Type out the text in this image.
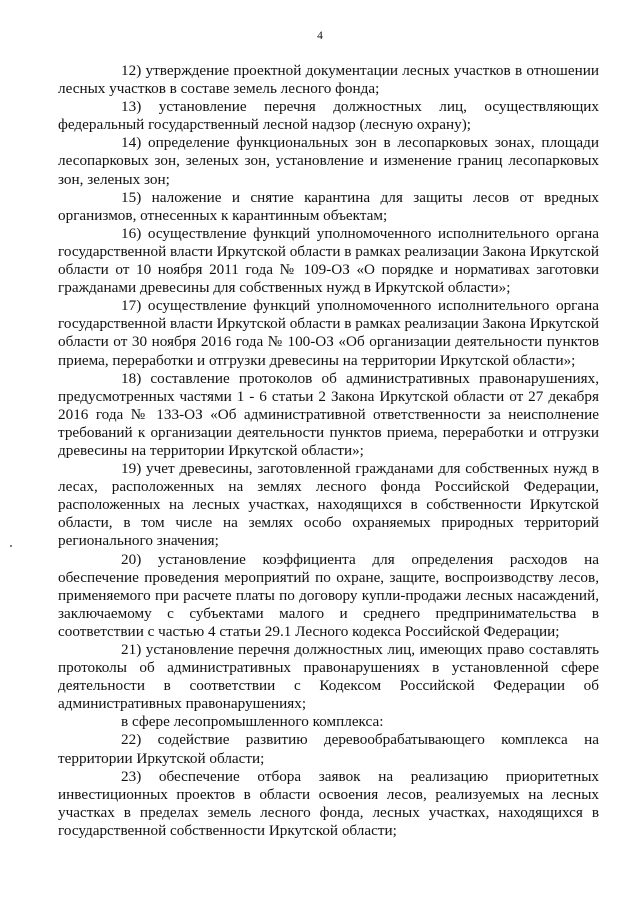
4

12) утверждение проектной документации лесных участков в отношении лесных участков в составе земель лесного фонда;

13) установление перечня должностных лиц, осуществляющих федеральный государственный лесной надзор (лесную охрану);

14) определение функциональных зон в лесопарковых зонах, площади лесопарковых зон, зеленых зон, установление и изменение границ лесопарковых зон, зеленых зон;

15) наложение и снятие карантина для защиты лесов от вредных организмов, отнесенных к карантинным объектам;

16) осуществление функций уполномоченного исполнительного органа государственной власти Иркутской области в рамках реализации Закона Иркутской области от 10 ноября 2011 года № 109-ОЗ «О порядке и нормативах заготовки гражданами древесины для собственных нужд в Иркутской области»;

17) осуществление функций уполномоченного исполнительного органа государственной власти Иркутской области в рамках реализации Закона Иркутской области от 30 ноября 2016 года № 100-ОЗ «Об организации деятельности пунктов приема, переработки и отгрузки древесины на территории Иркутской области»;

18) составление протоколов об административных правонарушениях, предусмотренных частями 1 - 6 статьи 2 Закона Иркутской области от 27 декабря 2016 года № 133-ОЗ «Об административной ответственности за неисполнение требований к организации деятельности пунктов приема, переработки и отгрузки древесины на территории Иркутской области»;

19) учет древесины, заготовленной гражданами для собственных нужд в лесах, расположенных на землях лесного фонда Российской Федерации, расположенных на лесных участках, находящихся в собственности Иркутской области, в том числе на землях особо охраняемых природных территорий регионального значения;

20) установление коэффициента для определения расходов на обеспечение проведения мероприятий по охране, защите, воспроизводству лесов, применяемого при расчете платы по договору купли-продажи лесных насаждений, заключаемому с субъектами малого и среднего предпринимательства в соответствии с частью 4 статьи 29.1 Лесного кодекса Российской Федерации;

21) установление перечня должностных лиц, имеющих право составлять протоколы об административных правонарушениях в установленной сфере деятельности в соответствии с Кодексом Российской Федерации об административных правонарушениях;

в сфере лесопромышленного комплекса:

22) содействие развитию деревообрабатывающего комплекса на территории Иркутской области;

23) обеспечение отбора заявок на реализацию приоритетных инвестиционных проектов в области освоения лесов, реализуемых на лесных участках в пределах земель лесного фонда, лесных участках, находящихся в государственной собственности Иркутской области;
